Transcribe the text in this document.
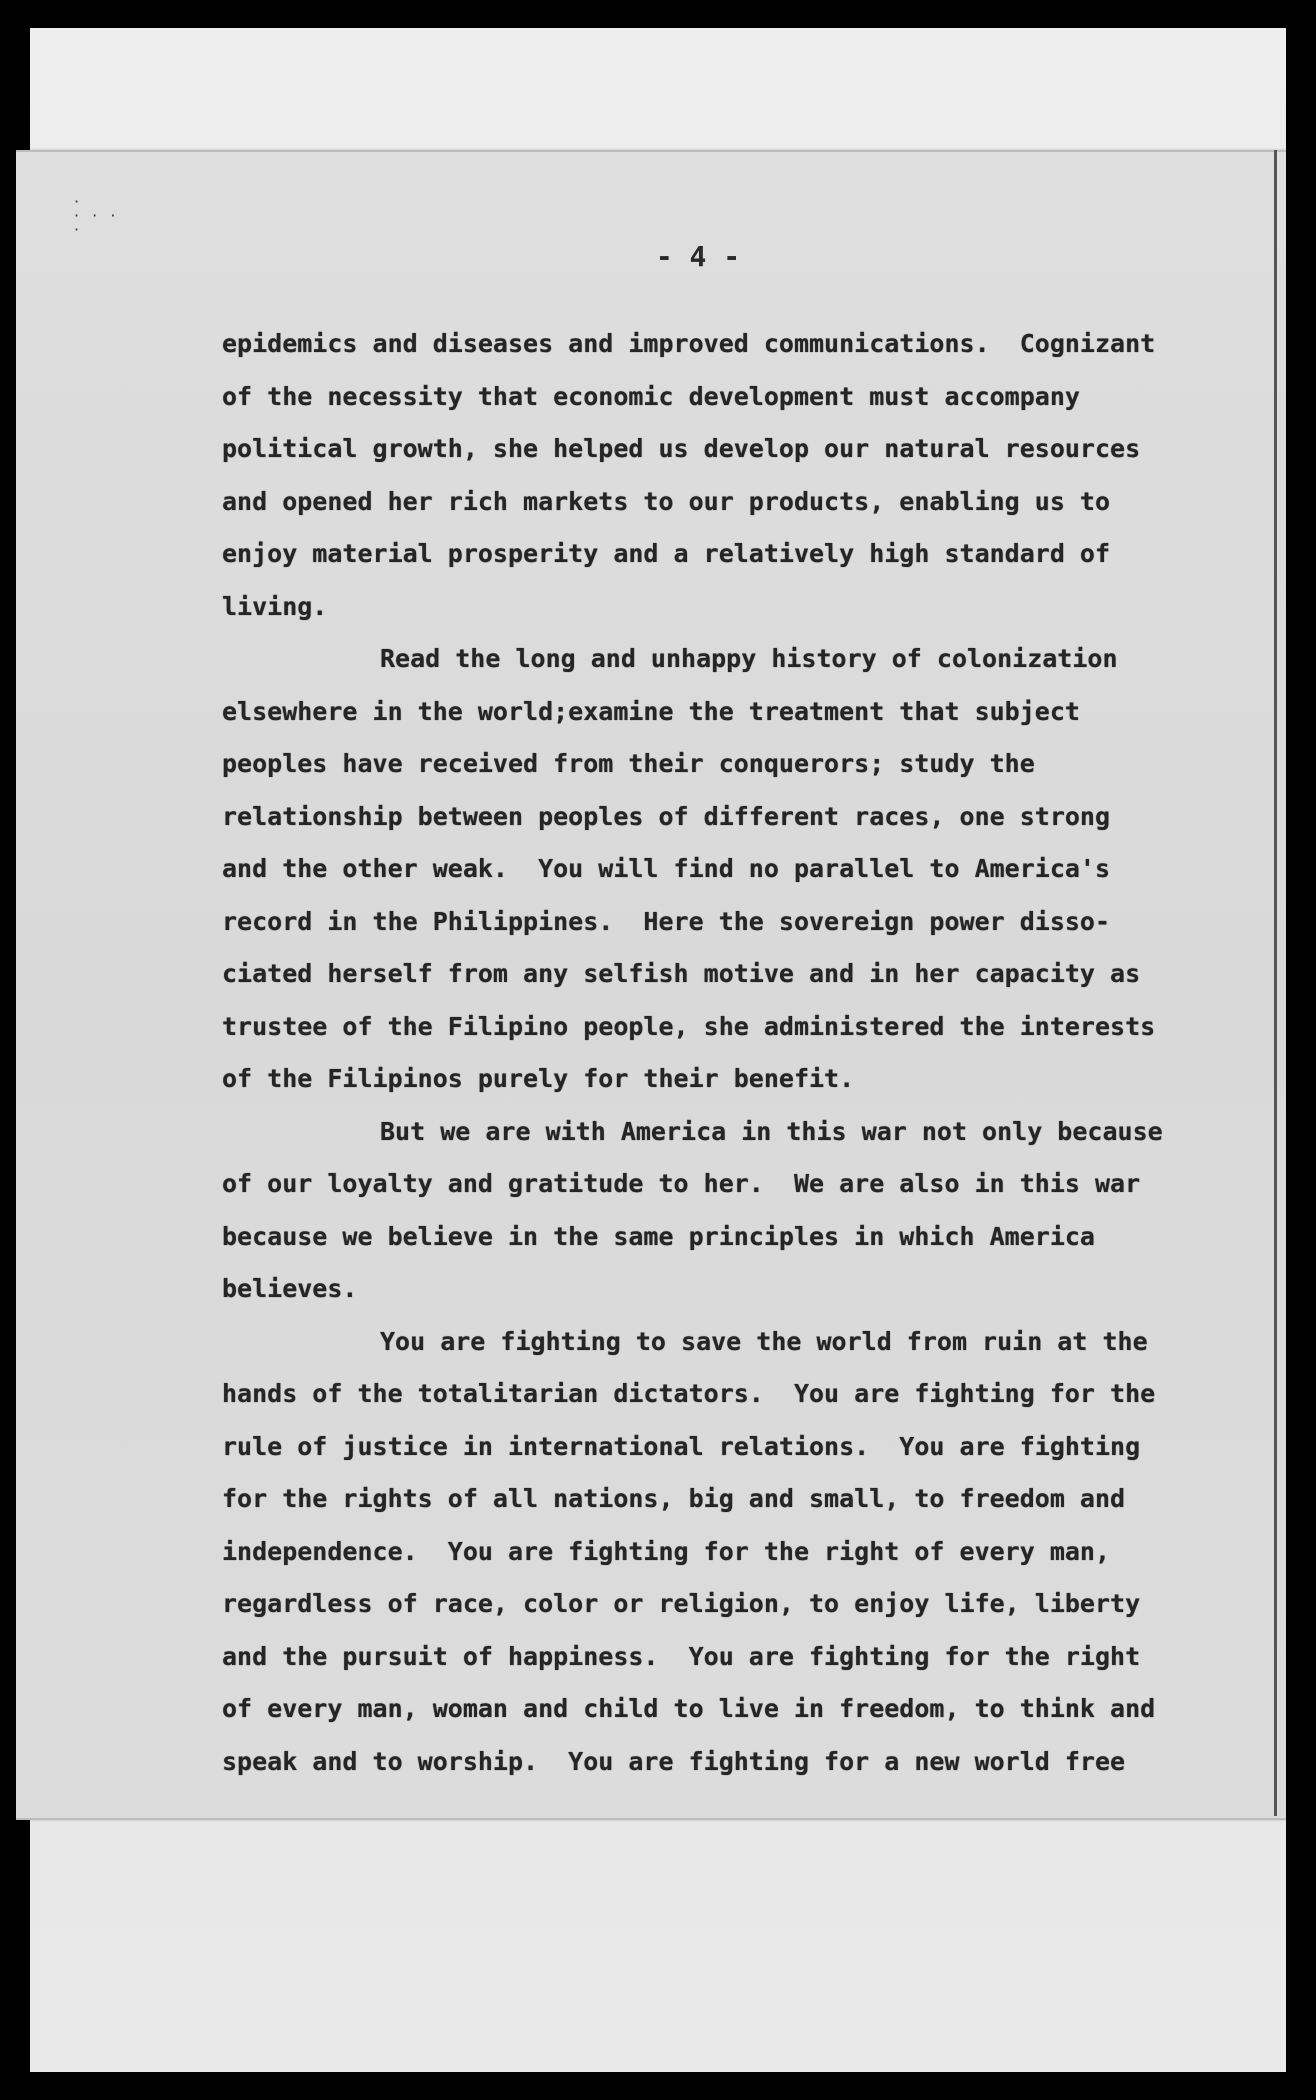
·
· · ·
·
- 4 -
epidemics and diseases and improved communications.  Cognizant
of the necessity that economic development must accompany
political growth, she helped us develop our natural resources
and opened her rich markets to our products, enabling us to
enjoy material prosperity and a relatively high standard of
living.
Read the long and unhappy history of colonization
elsewhere in the world;examine the treatment that subject
peoples have received from their conquerors; study the
relationship between peoples of different races, one strong
and the other weak.  You will find no parallel to America's
record in the Philippines.  Here the sovereign power disso-
ciated herself from any selfish motive and in her capacity as
trustee of the Filipino people, she administered the interests
of the Filipinos purely for their benefit.
But we are with America in this war not only because
of our loyalty and gratitude to her.  We are also in this war
because we believe in the same principles in which America
believes.
You are fighting to save the world from ruin at the
hands of the totalitarian dictators.  You are fighting for the
rule of justice in international relations.  You are fighting
for the rights of all nations, big and small, to freedom and
independence.  You are fighting for the right of every man,
regardless of race, color or religion, to enjoy life, liberty
and the pursuit of happiness.  You are fighting for the right
of every man, woman and child to live in freedom, to think and
speak and to worship.  You are fighting for a new world free
